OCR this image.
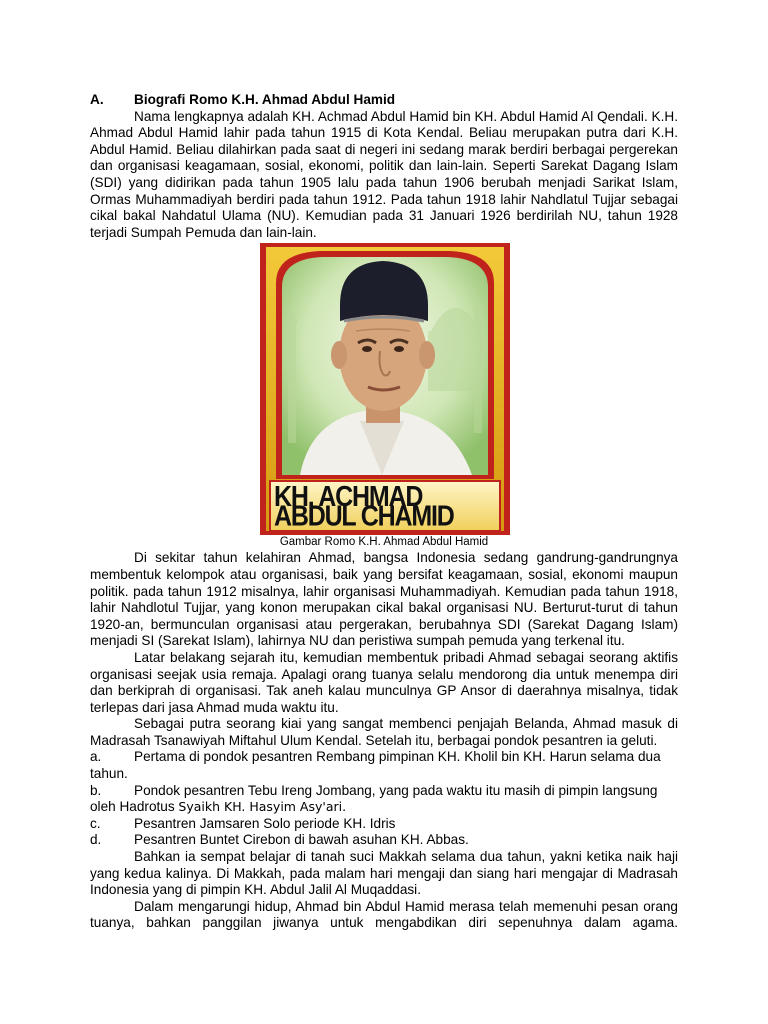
A.	Biografi Romo K.H. Ahmad Abdul Hamid

Nama lengkapnya adalah KH. Achmad Abdul Hamid bin KH. Abdul Hamid Al Qendali. K.H. Ahmad Abdul Hamid lahir pada tahun 1915 di Kota Kendal. Beliau merupakan putra dari K.H. Abdul Hamid. Beliau dilahirkan pada saat di negeri ini sedang marak berdiri berbagai pergerekan dan organisasi keagamaan, sosial, ekonomi, politik dan lain-lain. Seperti Sarekat Dagang Islam (SDI) yang didirikan pada tahun 1905 lalu pada tahun 1906 berubah menjadi Sarikat Islam, Ormas Muhammadiyah berdiri pada tahun 1912. Pada tahun 1918 lahir Nahdlatul Tujjar sebagai cikal bakal Nahdatul Ulama (NU). Kemudian pada 31 Januari 1926 berdirilah NU, tahun 1928 terjadi Sumpah Pemuda dan lain-lain.

KH. ACHMAD ABDUL CHAMID

Gambar Romo K.H. Ahmad Abdul Hamid

Di sekitar tahun kelahiran Ahmad, bangsa Indonesia sedang gandrung-gandrungnya membentuk kelompok atau organisasi, baik yang bersifat keagamaan, sosial, ekonomi maupun politik. pada tahun 1912 misalnya, lahir organisasi Muhammadiyah. Kemudian pada tahun 1918, lahir Nahdlotul Tujjar, yang konon merupakan cikal bakal organisasi NU. Berturut-turut di tahun 1920-an, bermunculan organisasi atau pergerakan, berubahnya SDI (Sarekat Dagang Islam) menjadi SI (Sarekat Islam), lahirnya NU dan peristiwa sumpah pemuda yang terkenal itu.

Latar belakang sejarah itu, kemudian membentuk pribadi Ahmad sebagai seorang aktifis organisasi seejak usia remaja. Apalagi orang tuanya selalu mendorong dia untuk menempa diri dan berkiprah di organisasi. Tak aneh kalau munculnya GP Ansor di daerahnya misalnya, tidak terlepas dari jasa Ahmad muda waktu itu.

Sebagai putra seorang kiai yang sangat membenci penjajah Belanda, Ahmad masuk di Madrasah Tsanawiyah Miftahul Ulum Kendal. Setelah itu, berbagai pondok pesantren ia geluti.

a.	Pertama di pondok pesantren Rembang pimpinan KH. Kholil bin KH. Harun selama dua

tahun.

b.	Pondok pesantren Tebu Ireng Jombang, yang pada waktu itu masih di pimpin langsung

oleh Hadrotus Syaikh KH. Hasyim Asy'ari.

c.	Pesantren Jamsaren Solo periode KH. Idris
d.	Pesantren Buntet Cirebon di bawah asuhan KH. Abbas.

Bahkan ia sempat belajar di tanah suci Makkah selama dua tahun, yakni ketika naik haji yang kedua kalinya. Di Makkah, pada malam hari mengaji dan siang hari mengajar di Madrasah Indonesia yang di pimpin KH. Abdul Jalil Al Muqaddasi.

Dalam mengarungi hidup, Ahmad bin Abdul Hamid merasa telah memenuhi pesan orang tuanya, bahkan panggilan jiwanya untuk mengabdikan diri sepenuhnya dalam agama.
